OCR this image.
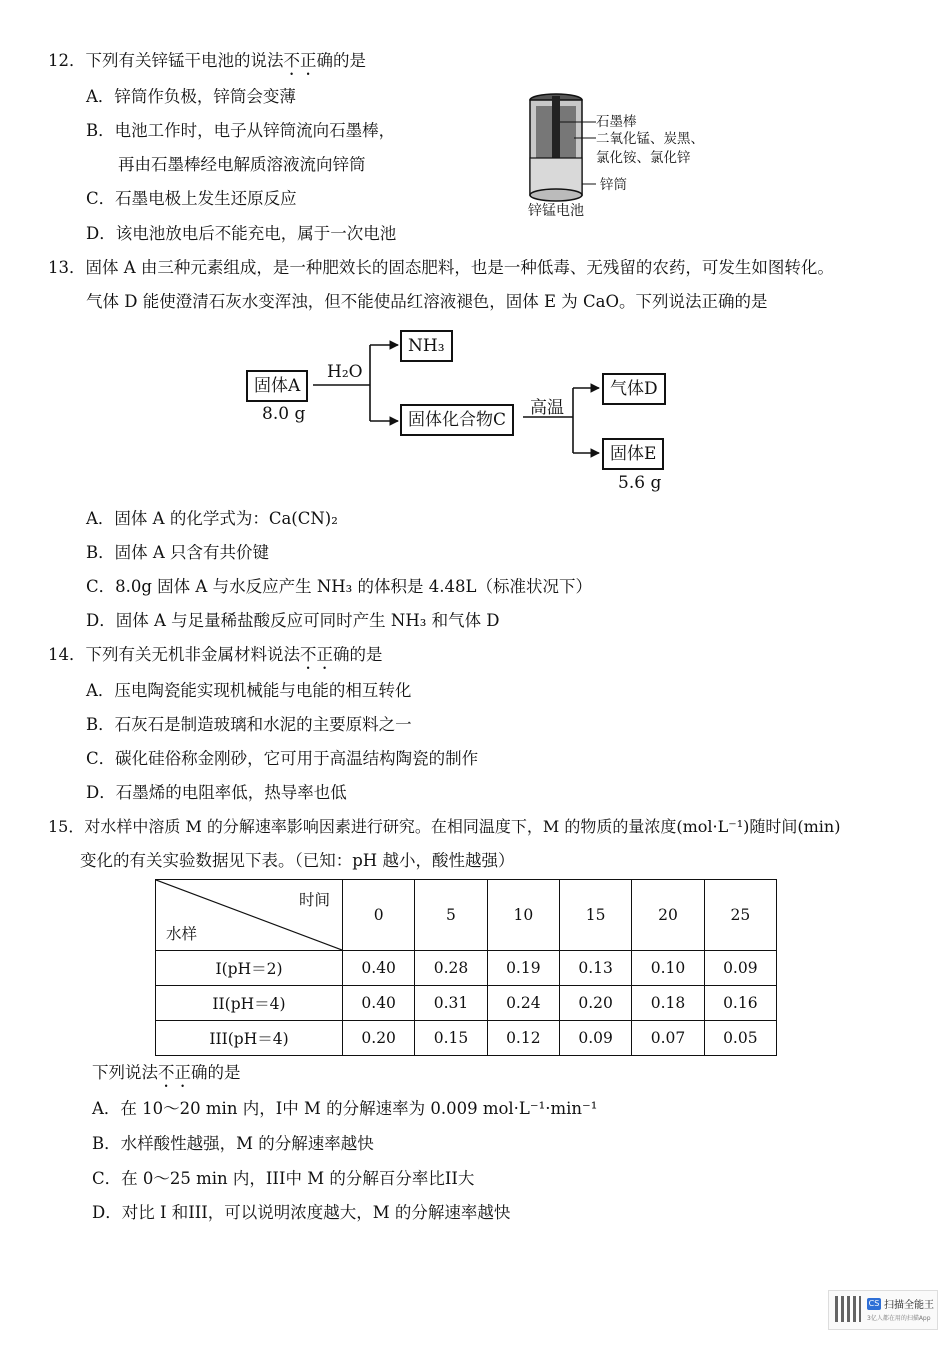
12．下列有关锌锰干电池的说法不正确的是
A．锌筒作负极，锌筒会变薄
B．电池工作时，电子从锌筒流向石墨棒，
再由石墨棒经电解质溶液流向锌筒
C．石墨电极上发生还原反应
D．该电池放电后不能充电，属于一次电池
石墨棒
二氧化锰、炭黑、
氯化铵、氯化锌
锌筒
锌锰电池
13．固体 A 由三种元素组成，是一种肥效长的固态肥料，也是一种低毒、无残留的农药，可发生如图转化。
气体 D 能使澄清石灰水变浑浊，但不能使品红溶液褪色，固体 E 为 CaO。下列说法正确的是
固体A
8.0 g
H₂O
NH₃
固体化合物C
高温
气体D
固体E
5.6 g
A．固体 A 的化学式为：Ca(CN)₂
B．固体 A 只含有共价键
C．8.0g 固体 A 与水反应产生 NH₃ 的体积是 4.48L（标准状况下）
D．固体 A 与足量稀盐酸反应可同时产生 NH₃ 和气体 D
14．下列有关无机非金属材料说法不正确的是
A．压电陶瓷能实现机械能与电能的相互转化
B．石灰石是制造玻璃和水泥的主要原料之一
C．碳化硅俗称金刚砂，它可用于高温结构陶瓷的制作
D．石墨烯的电阻率低，热导率也低
15．对水样中溶质 M 的分解速率影响因素进行研究。在相同温度下，M 的物质的量浓度(mol·L⁻¹)随时间(min)
变化的有关实验数据见下表。（已知：pH 越小，酸性越强）
时间
水样	0	5	10	15	20	25
I(pH＝2)	0.40	0.28	0.19	0.13	0.10	0.09
II(pH＝4)	0.40	0.31	0.24	0.20	0.18	0.16
III(pH＝4)	0.20	0.15	0.12	0.09	0.07	0.05
下列说法不正确的是
A．在 10～20 min 内，I中 M 的分解速率为 0.009 mol·L⁻¹·min⁻¹
B．水样酸性越强，M 的分解速率越快
C．在 0～25 min 内，III中 M 的分解百分率比II大
D．对比 I 和III，可以说明浓度越大，M 的分解速率越快
CS 扫描全能王
3亿人都在用的扫描App
